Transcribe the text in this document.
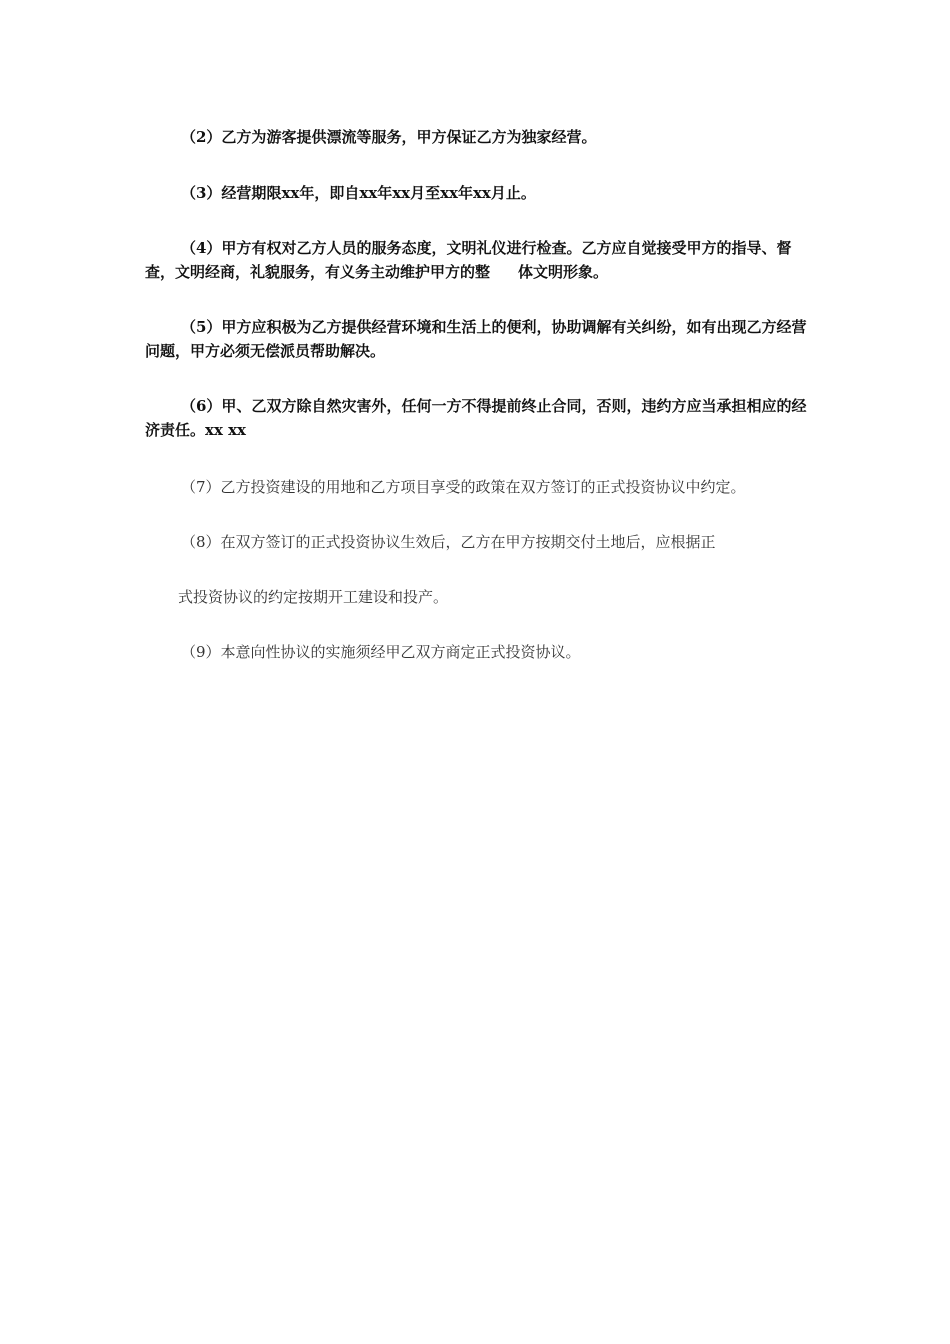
（2）乙方为游客提供漂流等服务，甲方保证乙方为独家经营。

（3）经营期限xx年，即自xx年xx月至xx年xx月止。

（4）甲方有权对乙方人员的服务态度，文明礼仪进行检查。乙方应自觉接受甲方的指导、督查，文明经商，礼貌服务，有义务主动维护甲方的整 体文明形象。

（5）甲方应积极为乙方提供经营环境和生活上的便利，协助调解有关纠纷，如有出现乙方经营问题，甲方必须无偿派员帮助解决。

（6）甲、乙双方除自然灾害外，任何一方不得提前终止合同，否则，违约方应当承担相应的经济责任。xx xx

（7）乙方投资建设的用地和乙方项目享受的政策在双方签订的正式投资协议中约定。

（8）在双方签订的正式投资协议生效后，乙方在甲方按期交付土地后，应根据正

式投资协议的约定按期开工建设和投产。

（9）本意向性协议的实施须经甲乙双方商定正式投资协议。
